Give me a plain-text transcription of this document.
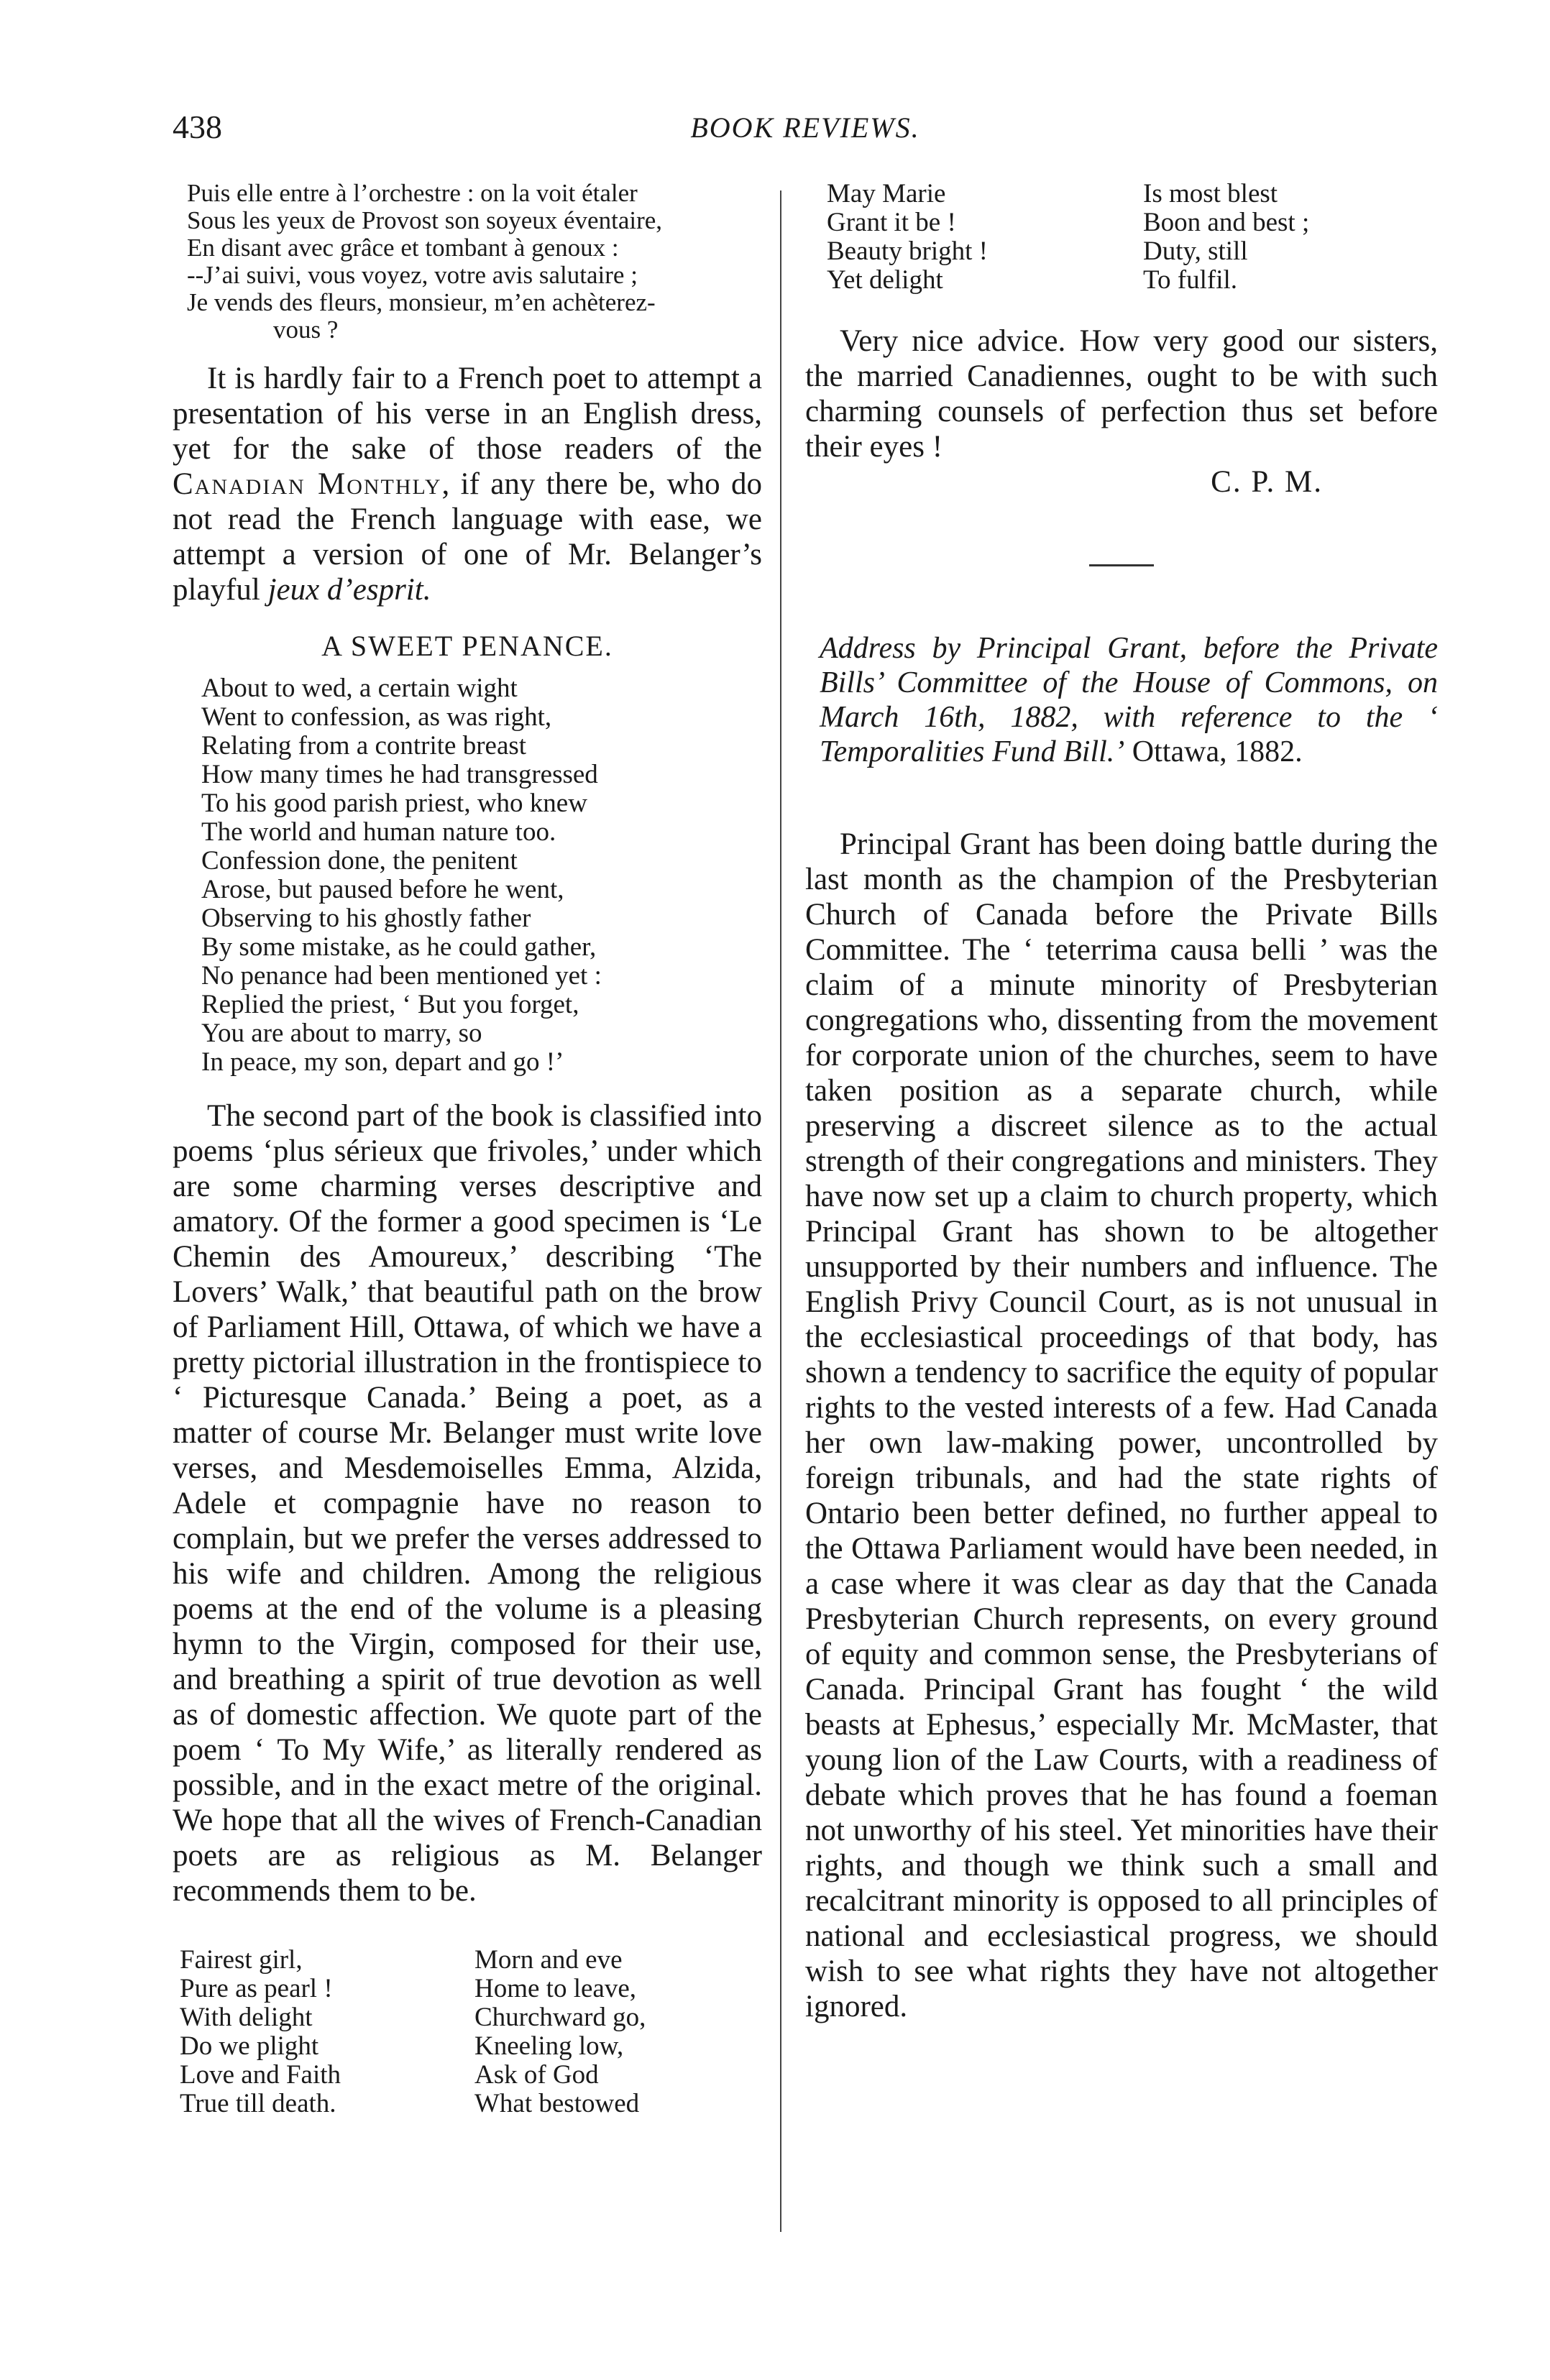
438	BOOK REVIEWS.
Puis elle entre à l’orchestre : on la voit étaler
Sous les yeux de Provost son soyeux éventaire,
En disant avec grâce et tombant à genoux :
--J’ai suivi, vous voyez, votre avis salutaire ;
Je vends des fleurs, monsieur, m’en achèterez-
vous ?

It is hardly fair to a French poet to attempt a presentation of his verse in an English dress, yet for the sake of those readers of the Canadian Monthly, if any there be, who do not read the French language with ease, we attempt a version of one of Mr. Belanger’s playful jeux d’esprit.

A SWEET PENANCE.
About to wed, a certain wight
Went to confession, as was right,
Relating from a contrite breast
How many times he had transgressed
To his good parish priest, who knew
The world and human nature too.
Confession done, the penitent
Arose, but paused before he went,
Observing to his ghostly father
By some mistake, as he could gather,
No penance had been mentioned yet :
Replied the priest, ‘ But you forget,
You are about to marry, so
In peace, my son, depart and go !’

The second part of the book is classified into poems ‘plus sérieux que frivoles,’ under which are some charming verses descriptive and amatory. Of the former a good specimen is ‘Le Chemin des Amoureux,’ describing ‘The Lovers’ Walk,’ that beautiful path on the brow of Parliament Hill, Ottawa, of which we have a pretty pictorial illustration in the frontispiece to ‘ Picturesque Canada.’ Being a poet, as a matter of course Mr. Belanger must write love verses, and Mesdemoiselles Emma, Alzida, Adele et compagnie have no reason to complain, but we prefer the verses addressed to his wife and children. Among the religious poems at the end of the volume is a pleasing hymn to the Virgin, composed for their use, and breathing a spirit of true devotion as well as of domestic affection. We quote part of the poem ‘ To My Wife,’ as literally rendered as possible, and in the exact metre of the original. We hope that all the wives of French-Canadian poets are as religious as M. Belanger recommends them to be.

Fairest girl,
Pure as pearl !
With delight
Do we plight
Love and Faith
True till death.
Morn and eve
Home to leave,
Churchward go,
Kneeling low,
Ask of God
What bestowed
May Marie
Grant it be !
Beauty bright !
Yet delight
Is most blest
Boon and best ;
Duty, still
To fulfil.

Very nice advice. How very good our sisters, the married Canadiennes, ought to be with such charming counsels of perfection thus set before their eyes !

C. P. M.

Address by Principal Grant, before the Private Bills’ Committee of the House of Commons, on March 16th, 1882, with reference to the ‘ Temporalities Fund Bill.’ Ottawa, 1882.

Principal Grant has been doing battle during the last month as the champion of the Presbyterian Church of Canada before the Private Bills Committee. The ‘ teterrima causa belli ’ was the claim of a minute minority of Presbyterian congregations who, dissenting from the movement for corporate union of the churches, seem to have taken position as a separate church, while preserving a discreet silence as to the actual strength of their congregations and ministers. They have now set up a claim to church property, which Principal Grant has shown to be altogether unsupported by their numbers and influence. The English Privy Council Court, as is not unusual in the ecclesiastical proceedings of that body, has shown a tendency to sacrifice the equity of popular rights to the vested interests of a few. Had Canada her own law-making power, uncontrolled by foreign tribunals, and had the state rights of Ontario been better defined, no further appeal to the Ottawa Parliament would have been needed, in a case where it was clear as day that the Canada Presbyterian Church represents, on every ground of equity and common sense, the Presbyterians of Canada. Principal Grant has fought ‘ the wild beasts at Ephesus,’ especially Mr. McMaster, that young lion of the Law Courts, with a readiness of debate which proves that he has found a foeman not unworthy of his steel. Yet minorities have their rights, and though we think such a small and recalcitrant minority is opposed to all principles of national and ecclesiastical progress, we should wish to see what rights they have not altogether ignored.
